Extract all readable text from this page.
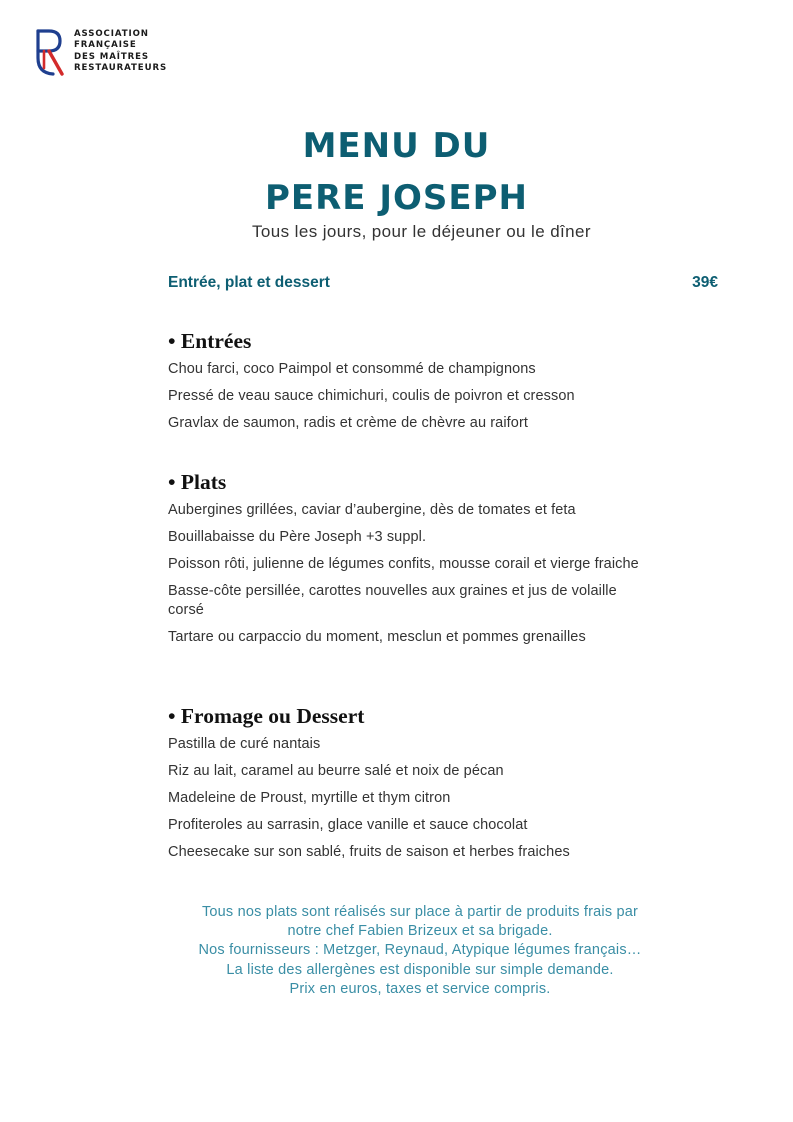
ASSOCIATION
FRANÇAISE
DES MAÎTRES
RESTAURATEURS
MENU DU
PERE JOSEPH
Tous les jours, pour le déjeuner ou le dîner
Entrée, plat et dessert	39€
• Entrées
Chou farci, coco Paimpol et consommé de champignons
Pressé de veau sauce chimichuri, coulis de poivron et cresson
Gravlax de saumon, radis et crème de chèvre au raifort
• Plats
Aubergines grillées, caviar d’aubergine, dès de tomates et feta
Bouillabaisse du Père Joseph +3 suppl.
Poisson rôti, julienne de légumes confits, mousse corail et vierge fraiche
Basse-côte persillée, carottes nouvelles aux graines et jus de volaille corsé
Tartare ou carpaccio du moment, mesclun et pommes grenailles
• Fromage ou Dessert
Pastilla de curé nantais
Riz au lait, caramel au beurre salé et noix de pécan
Madeleine de Proust, myrtille et thym citron
Profiteroles au sarrasin, glace vanille et sauce chocolat
Cheesecake sur son sablé, fruits de saison et herbes fraiches
Tous nos plats sont réalisés sur place à partir de produits frais par
notre chef Fabien Brizeux et sa brigade.
Nos fournisseurs : Metzger, Reynaud, Atypique légumes français…
La liste des allergènes est disponible sur simple demande.
Prix en euros, taxes et service compris.
